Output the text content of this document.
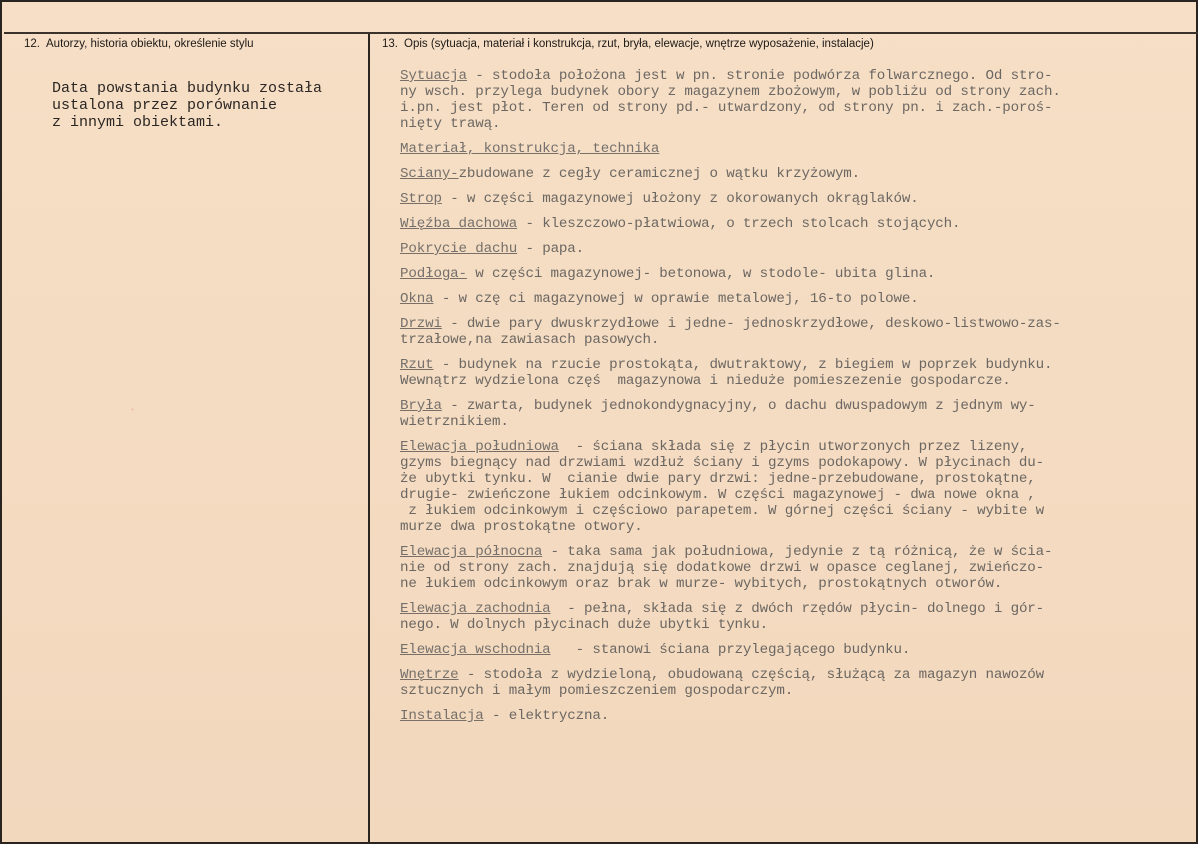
12. Autorzy, historia obiektu, określenie stylu	13. Opis (sytuacja, materiał i konstrukcja, rzut, bryła, elewacje, wnętrze wyposażenie, instalacje)
Data powstania budynku została
ustalona przez porównanie
z innymi obiektami.
ﾞ
Sytuacja - stodoła położona jest w pn. stronie podwórza folwarcznego. Od stro-
ny wsch. przylega budynek obory z magazynem zbożowym, w pobliżu od strony zach.
i.pn. jest płot. Teren od strony pd.- utwardzony, od strony pn. i zach.-poroś-
nięty trawą.
Materiał, konstrukcja, technika
Sciany-zbudowane z cegły ceramicznej o wątku krzyżowym.
Strop - w części magazynowej ułożony z okorowanych okrąglaków.
Więźba dachowa - kleszczowo-płatwiowa, o trzech stolcach stojących.
Pokrycie dachu - papa.
Podłoga- w części magazynowej- betonowa, w stodole- ubita glina.
Okna - w czę ci magazynowej w oprawie metalowej, 16-to polowe.
Drzwi - dwie pary dwuskrzydłowe i jedne- jednoskrzydłowe, deskowo-listwowo-zas-
trzałowe,na zawiasach pasowych.
Rzut - budynek na rzucie prostokąta, dwutraktowy, z biegiem w poprzek budynku.
Wewnątrz wydzielona częś  magazynowa i nieduże pomieszezenie gospodarcze.
Bryła - zwarta, budynek jednokondygnacyjny, o dachu dwuspadowym z jednym wy-
wietrznikiem.
Elewacja południowa  - ściana składa się z płycin utworzonych przez lizeny,
gzyms biegnący nad drzwiami wzdłuż ściany i gzyms podokapowy. W płycinach du-
że ubytki tynku. W  cianie dwie pary drzwi: jedne-przebudowane, prostokątne,
drugie- zwieńczone łukiem odcinkowym. W części magazynowej - dwa nowe okna ,
z łukiem odcinkowym i częściowo parapetem. W górnej części ściany - wybite w
murze dwa prostokątne otwory.
Elewacja północna - taka sama jak południowa, jedynie z tą różnicą, że w ścia-
nie od strony zach. znajdują się dodatkowe drzwi w opasce ceglanej, zwieńczo-
ne łukiem odcinkowym oraz brak w murze- wybitych, prostokątnych otworów.
Elewacja zachodnia  - pełna, składa się z dwóch rzędów płycin- dolnego i gór-
nego. W dolnych płycinach duże ubytki tynku.
Elewacja wschodnia   - stanowi ściana przylegającego budynku.
Wnętrze - stodoła z wydzieloną, obudowaną częścią, służącą za magazyn nawozów
sztucznych i małym pomieszczeniem gospodarczym.
Instalacja - elektryczna.
